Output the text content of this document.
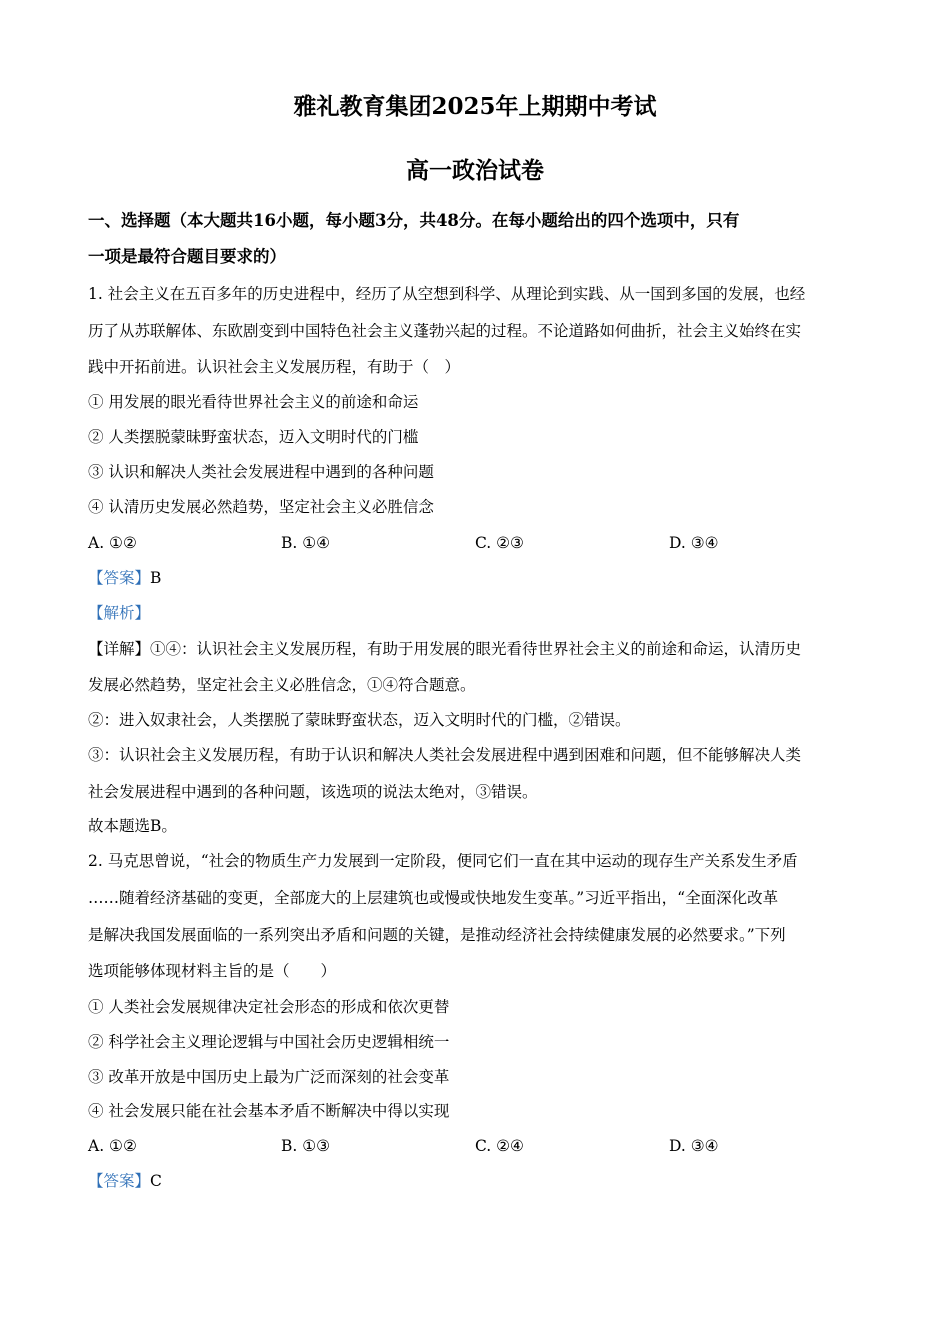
雅礼教育集团2025年上期期中考试
高一政治试卷
一、选择题（本大题共16小题，每小题3分，共48分。在每小题给出的四个选项中，只有
一项是最符合题目要求的）
1. 社会主义在五百多年的历史进程中，经历了从空想到科学、从理论到实践、从一国到多国的发展，也经
历了从苏联解体、东欧剧变到中国特色社会主义蓬勃兴起的过程。不论道路如何曲折，社会主义始终在实
践中开拓前进。认识社会主义发展历程，有助于（　）
① 用发展的眼光看待世界社会主义的前途和命运
② 人类摆脱蒙昧野蛮状态，迈入文明时代的门槛
③ 认识和解决人类社会发展进程中遇到的各种问题
④ 认清历史发展必然趋势，坚定社会主义必胜信念
A. ①②	B. ①④	C. ②③	D. ③④
【答案】B
【解析】
【详解】①④：认识社会主义发展历程，有助于用发展的眼光看待世界社会主义的前途和命运，认清历史
发展必然趋势，坚定社会主义必胜信念，①④符合题意。
②：进入奴隶社会，人类摆脱了蒙昧野蛮状态，迈入文明时代的门槛，②错误。
③：认识社会主义发展历程，有助于认识和解决人类社会发展进程中遇到困难和问题，但不能够解决人类
社会发展进程中遇到的各种问题，该选项的说法太绝对，③错误。
故本题选B。
2. 马克思曾说，“社会的物质生产力发展到一定阶段，便同它们一直在其中运动的现存生产关系发生矛盾
……随着经济基础的变更，全部庞大的上层建筑也或慢或快地发生变革。”习近平指出，“全面深化改革
是解决我国发展面临的一系列突出矛盾和问题的关键，是推动经济社会持续健康发展的必然要求。”下列
选项能够体现材料主旨的是（　　）
① 人类社会发展规律决定社会形态的形成和依次更替
② 科学社会主义理论逻辑与中国社会历史逻辑相统一
③ 改革开放是中国历史上最为广泛而深刻的社会变革
④ 社会发展只能在社会基本矛盾不断解决中得以实现
A. ①②	B. ①③	C. ②④	D. ③④
【答案】C
